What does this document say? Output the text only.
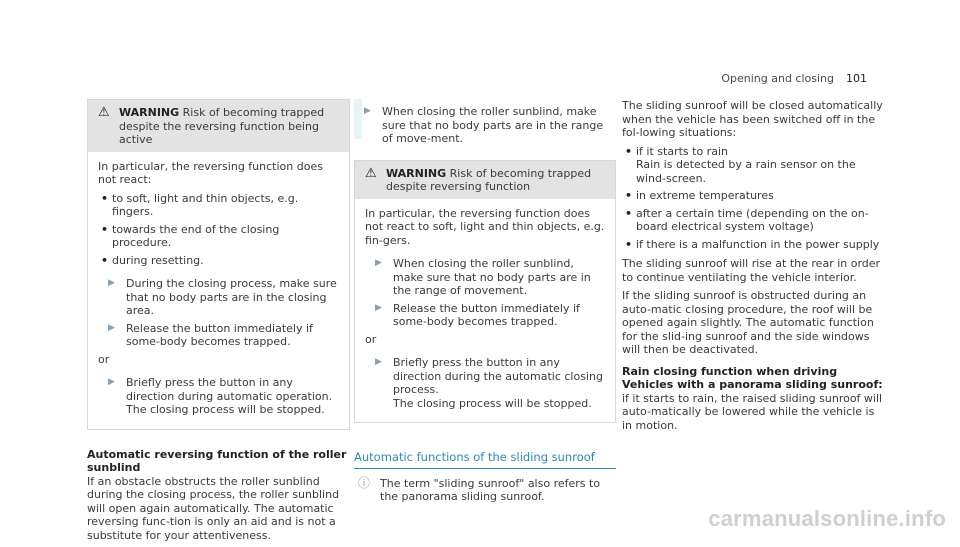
Opening and closing 101
⚠ WARNING Risk of becoming trapped despite the reversing function being active

In particular, the reversing function does not react:

• to soft, light and thin objects, e.g. fingers.
• towards the end of the closing procedure.
• during resetting.
▶	During the closing process, make sure that no body parts are in the closing area.
▶	Release the button immediately if some-body becomes trapped.
or
▶	Briefly press the button in any direction during automatic operation.
The closing process will be stopped.
Automatic reversing function of the roller sunblind

If an obstacle obstructs the roller sunblind during the closing process, the roller sunblind will open again automatically. The automatic reversing func-tion is only an aid and is not a substitute for your attentiveness.

▶	When closing the roller sunblind, make sure that no body parts are in the range of move-ment.
⚠ WARNING Risk of becoming trapped despite reversing function

In particular, the reversing function does not react to soft, light and thin objects, e.g. fin-gers.

▶	When closing the roller sunblind, make sure that no body parts are in the range of movement.
▶	Release the button immediately if some-body becomes trapped.
or
▶	Briefly press the button in any direction during the automatic closing process.
The closing process will be stopped.
Automatic functions of the sliding sunroof
ⓘ The term "sliding sunroof" also refers to the panorama sliding sunroof.

The sliding sunroof will be closed automatically when the vehicle has been switched off in the fol-lowing situations:

• if it starts to rain
Rain is detected by a rain sensor on the wind-screen.
• in extreme temperatures
• after a certain time (depending on the on-board electrical system voltage)
• if there is a malfunction in the power supply

The sliding sunroof will rise at the rear in order to continue ventilating the vehicle interior.

If the sliding sunroof is obstructed during an auto-matic closing procedure, the roof will be opened again slightly. The automatic function for the slid-ing sunroof and the side windows will then be deactivated.

Rain closing function when driving

Vehicles with a panorama sliding sunroof: if it starts to rain, the raised sliding sunroof will auto-matically be lowered while the vehicle is in motion.

carmanualsonline.info
